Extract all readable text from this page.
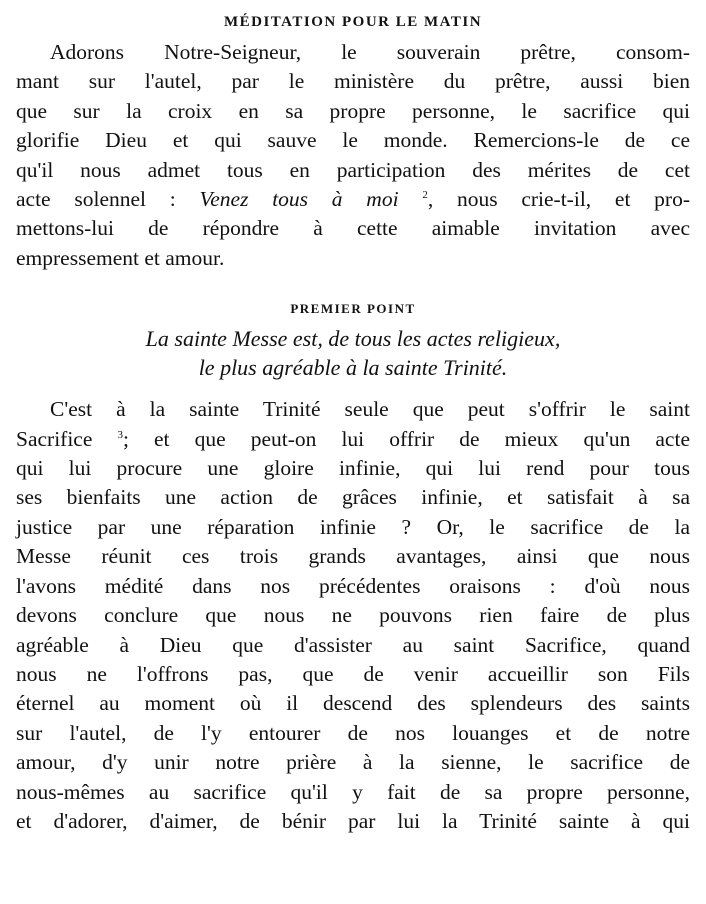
MÉDITATION POUR LE MATIN

Adorons Notre-Seigneur, le souverain prêtre, consom-
mant sur l'autel, par le ministère du prêtre, aussi bien
que sur la croix en sa propre personne, le sacrifice qui
glorifie Dieu et qui sauve le monde. Remercions-le de ce
qu'il nous admet tous en participation des mérites de cet
acte solennel : Venez tous à moi $^2$, nous crie-t-il, et pro-
mettons-lui de répondre à cette aimable invitation avec
empressement et amour.

PREMIER POINT
La sainte Messe est, de tous les actes religieux,
le plus agréable à la sainte Trinité.

C'est à la sainte Trinité seule que peut s'offrir le saint
Sacrifice $^3$; et que peut-on lui offrir de mieux qu'un acte
qui lui procure une gloire infinie, qui lui rend pour tous
ses bienfaits une action de grâces infinie, et satisfait à sa
justice par une réparation infinie ? Or, le sacrifice de la
Messe réunit ces trois grands avantages, ainsi que nous
l'avons médité dans nos précédentes oraisons : d'où nous
devons conclure que nous ne pouvons rien faire de plus
agréable à Dieu que d'assister au saint Sacrifice, quand
nous ne l'offrons pas, que de venir accueillir son Fils
éternel au moment où il descend des splendeurs des saints
sur l'autel, de l'y entourer de nos louanges et de notre
amour, d'y unir notre prière à la sienne, le sacrifice de
nous-mêmes au sacrifice qu'il y fait de sa propre personne,
et d'adorer, d'aimer, de bénir par lui la Trinité sainte à qui
